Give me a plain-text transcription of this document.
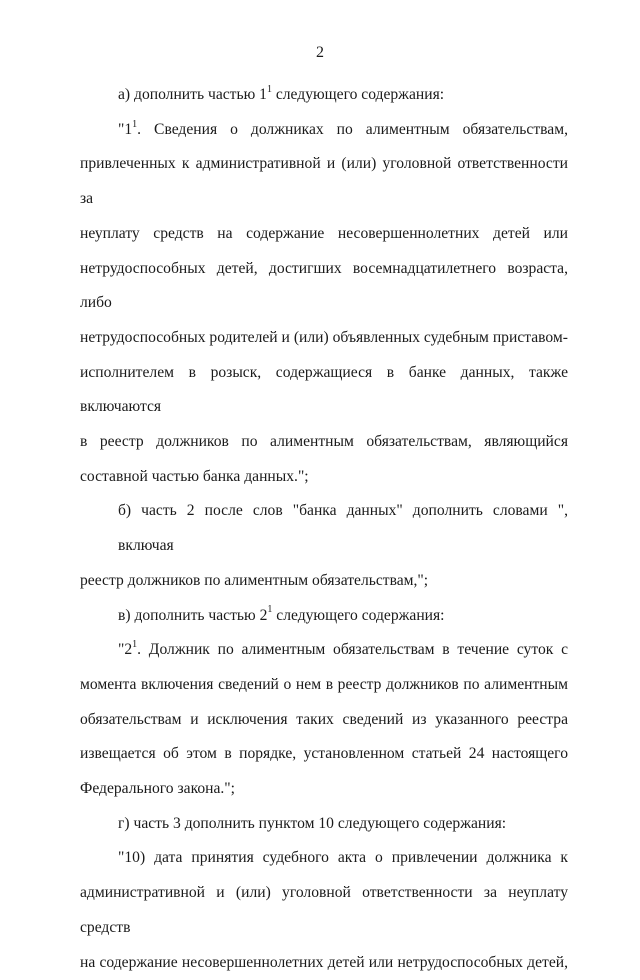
2
а) дополнить частью $1^1$ следующего содержания:
"$1^1$. Сведения о должниках по алиментным обязательствам,
привлеченных к административной и (или) уголовной ответственности за
неуплату средств на содержание несовершеннолетних детей или
нетрудоспособных детей, достигших восемнадцатилетнего возраста, либо
нетрудоспособных родителей и (или) объявленных судебным приставом-
исполнителем в розыск, содержащиеся в банке данных, также включаются
в реестр должников по алиментным обязательствам, являющийся
составной частью банка данных.";
б) часть 2 после слов "банка данных" дополнить словами ", включая
реестр должников по алиментным обязательствам,";
в) дополнить частью $2^1$ следующего содержания:
"$2^1$. Должник по алиментным обязательствам в течение суток с
момента включения сведений о нем в реестр должников по алиментным
обязательствам и исключения таких сведений из указанного реестра
извещается об этом в порядке, установленном статьей 24 настоящего
Федерального закона.";
г) часть 3 дополнить пунктом 10 следующего содержания:
"10) дата принятия судебного акта о привлечении должника к
административной и (или) уголовной ответственности за неуплату средств
на содержание несовершеннолетних детей или нетрудоспособных детей,
